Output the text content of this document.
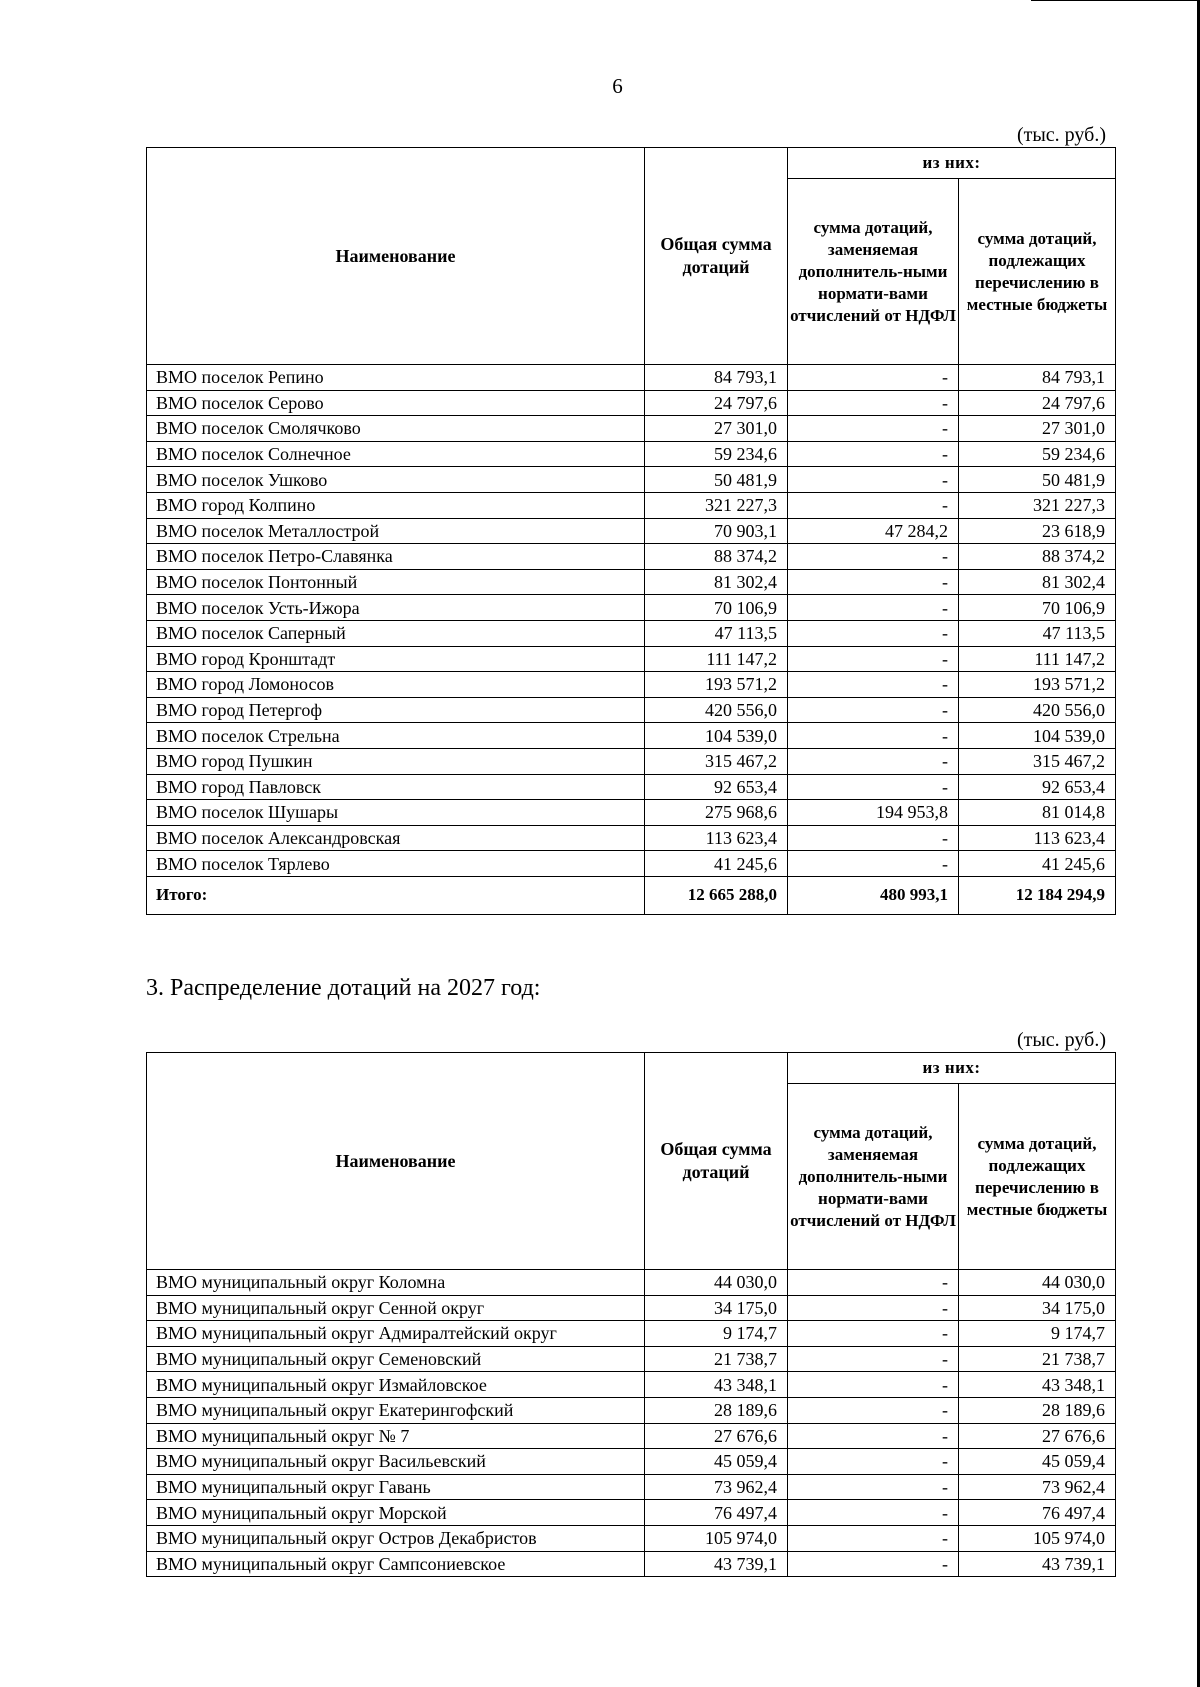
6
(тыс. руб.)
Наименование	Общая сумма дотаций	из них:	
		сумма дотаций, заменяемая дополнитель-ными нормати-вами отчислений от НДФЛ	сумма дотаций, подлежащих перечислению в местные бюджеты
ВМО поселок Репино	84 793,1	-	84 793,1
ВМО поселок Серово	24 797,6	-	24 797,6
ВМО поселок Смолячково	27 301,0	-	27 301,0
ВМО поселок Солнечное	59 234,6	-	59 234,6
ВМО поселок Ушково	50 481,9	-	50 481,9
ВМО город Колпино	321 227,3	-	321 227,3
ВМО поселок Металлострой	70 903,1	47 284,2	23 618,9
ВМО поселок Петро-Славянка	88 374,2	-	88 374,2
ВМО поселок Понтонный	81 302,4	-	81 302,4
ВМО поселок Усть-Ижора	70 106,9	-	70 106,9
ВМО поселок Саперный	47 113,5	-	47 113,5
ВМО город Кронштадт	111 147,2	-	111 147,2
ВМО город Ломоносов	193 571,2	-	193 571,2
ВМО город Петергоф	420 556,0	-	420 556,0
ВМО поселок Стрельна	104 539,0	-	104 539,0
ВМО город Пушкин	315 467,2	-	315 467,2
ВМО город Павловск	92 653,4	-	92 653,4
ВМО поселок Шушары	275 968,6	194 953,8	81 014,8
ВМО поселок Александровская	113 623,4	-	113 623,4
ВМО поселок Тярлево	41 245,6	-	41 245,6
Итого:	12 665 288,0	480 993,1	12 184 294,9
3. Распределение дотаций на 2027 год:
(тыс. руб.)
Наименование	Общая сумма дотаций	из них:	
		сумма дотаций, заменяемая дополнитель-ными нормати-вами отчислений от НДФЛ	сумма дотаций, подлежащих перечислению в местные бюджеты
ВМО муниципальный округ Коломна	44 030,0	-	44 030,0
ВМО муниципальный округ Сенной округ	34 175,0	-	34 175,0
ВМО муниципальный округ Адмиралтейский округ	9 174,7	-	9 174,7
ВМО муниципальный округ Семеновский	21 738,7	-	21 738,7
ВМО муниципальный округ Измайловское	43 348,1	-	43 348,1
ВМО муниципальный округ Екатерингофский	28 189,6	-	28 189,6
ВМО муниципальный округ № 7	27 676,6	-	27 676,6
ВМО муниципальный округ Васильевский	45 059,4	-	45 059,4
ВМО муниципальный округ Гавань	73 962,4	-	73 962,4
ВМО муниципальный округ Морской	76 497,4	-	76 497,4
ВМО муниципальный округ Остров Декабристов	105 974,0	-	105 974,0
ВМО муниципальный округ Сампсониевское	43 739,1	-	43 739,1
